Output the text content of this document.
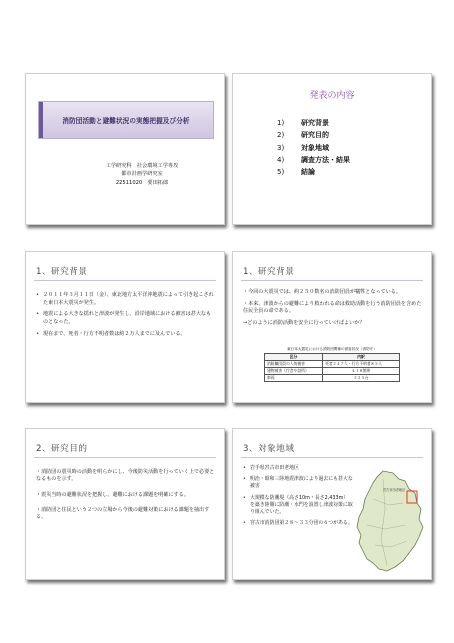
消防団活動と避難状況の実態把握及び分析
工学研究科　社会環境工学専攻
都市計画学研究室
22511020　要田拓郎
発表の内容
1)	研究背景
2)	研究目的
3)	対象地域
4)	調査方法・結果
5)	結論
1、研究背景
• ２０１１年３月１１日（金）、東北地方太平洋沖地震によって引き起こされた東日本大震災が発生。
• 地震による大きな揺れと津波が発生し、沿岸地域における被害は甚大なものとなった。
• 現在まで、死者・行方不明者数は約２万人までに及んでいる。
1、研究背景

・今回の大震災では、約２５０数名の消防団員が犠牲となっている。

・本来、津波からの避難により救われる命は救助活動を行う消防団員を含めた住民全員の命である。

→どのように消防活動を安全に行っていけばよいか？

東日本大震災における消防団関係の被害状況（消防庁）
区分	内訳
消防職団員の人的被害	死者２４７人・行方不明者８５人
建物被害（庁舎や詰所）	４１８箇所
車両	２２５台
2、研究目的

・消防団の震災時の活動を明らかにし、今後防災活動を行っていく上で必要となるものを示す。

・震災当時の避難状況を把握し、避難における課題を明確にする。

・消防団と住民という２つの立場から今後の避難対策における課題を抽出する。

3、対象地域
• 岩手県宮古市田老地区
• 明治・昭和三陸地震津波により過去にも甚大な被害
• 大規模な防潮堤（高さ10m・長さ2,433m）を築き陸閘に防潮・水門を設置し津波対策に取り組んでいた。
• 宮古市消防団第２８～３３分団の６つがある。
宮古市田老地区
